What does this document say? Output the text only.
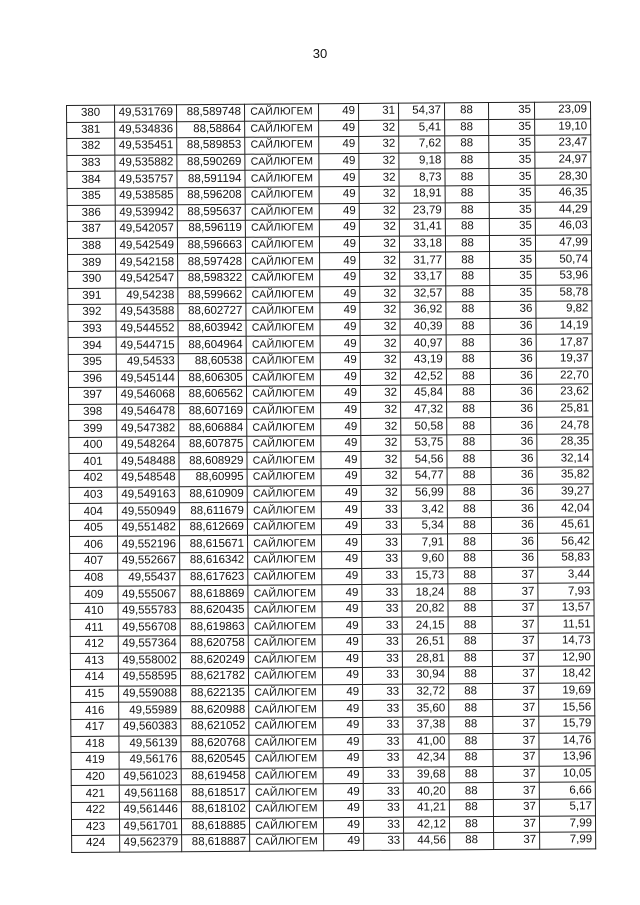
30
380	49,531769	88,589748	САЙЛЮГЕМ	49	31	54,37	88	35	23,09
381	49,534836	88,58864	САЙЛЮГЕМ	49	32	5,41	88	35	19,10
382	49,535451	88,589853	САЙЛЮГЕМ	49	32	7,62	88	35	23,47
383	49,535882	88,590269	САЙЛЮГЕМ	49	32	9,18	88	35	24,97
384	49,535757	88,591194	САЙЛЮГЕМ	49	32	8,73	88	35	28,30
385	49,538585	88,596208	САЙЛЮГЕМ	49	32	18,91	88	35	46,35
386	49,539942	88,595637	САЙЛЮГЕМ	49	32	23,79	88	35	44,29
387	49,542057	88,596119	САЙЛЮГЕМ	49	32	31,41	88	35	46,03
388	49,542549	88,596663	САЙЛЮГЕМ	49	32	33,18	88	35	47,99
389	49,542158	88,597428	САЙЛЮГЕМ	49	32	31,77	88	35	50,74
390	49,542547	88,598322	САЙЛЮГЕМ	49	32	33,17	88	35	53,96
391	49,54238	88,599662	САЙЛЮГЕМ	49	32	32,57	88	35	58,78
392	49,543588	88,602727	САЙЛЮГЕМ	49	32	36,92	88	36	9,82
393	49,544552	88,603942	САЙЛЮГЕМ	49	32	40,39	88	36	14,19
394	49,544715	88,604964	САЙЛЮГЕМ	49	32	40,97	88	36	17,87
395	49,54533	88,60538	САЙЛЮГЕМ	49	32	43,19	88	36	19,37
396	49,545144	88,606305	САЙЛЮГЕМ	49	32	42,52	88	36	22,70
397	49,546068	88,606562	САЙЛЮГЕМ	49	32	45,84	88	36	23,62
398	49,546478	88,607169	САЙЛЮГЕМ	49	32	47,32	88	36	25,81
399	49,547382	88,606884	САЙЛЮГЕМ	49	32	50,58	88	36	24,78
400	49,548264	88,607875	САЙЛЮГЕМ	49	32	53,75	88	36	28,35
401	49,548488	88,608929	САЙЛЮГЕМ	49	32	54,56	88	36	32,14
402	49,548548	88,60995	САЙЛЮГЕМ	49	32	54,77	88	36	35,82
403	49,549163	88,610909	САЙЛЮГЕМ	49	32	56,99	88	36	39,27
404	49,550949	88,611679	САЙЛЮГЕМ	49	33	3,42	88	36	42,04
405	49,551482	88,612669	САЙЛЮГЕМ	49	33	5,34	88	36	45,61
406	49,552196	88,615671	САЙЛЮГЕМ	49	33	7,91	88	36	56,42
407	49,552667	88,616342	САЙЛЮГЕМ	49	33	9,60	88	36	58,83
408	49,55437	88,617623	САЙЛЮГЕМ	49	33	15,73	88	37	3,44
409	49,555067	88,618869	САЙЛЮГЕМ	49	33	18,24	88	37	7,93
410	49,555783	88,620435	САЙЛЮГЕМ	49	33	20,82	88	37	13,57
411	49,556708	88,619863	САЙЛЮГЕМ	49	33	24,15	88	37	11,51
412	49,557364	88,620758	САЙЛЮГЕМ	49	33	26,51	88	37	14,73
413	49,558002	88,620249	САЙЛЮГЕМ	49	33	28,81	88	37	12,90
414	49,558595	88,621782	САЙЛЮГЕМ	49	33	30,94	88	37	18,42
415	49,559088	88,622135	САЙЛЮГЕМ	49	33	32,72	88	37	19,69
416	49,55989	88,620988	САЙЛЮГЕМ	49	33	35,60	88	37	15,56
417	49,560383	88,621052	САЙЛЮГЕМ	49	33	37,38	88	37	15,79
418	49,56139	88,620768	САЙЛЮГЕМ	49	33	41,00	88	37	14,76
419	49,56176	88,620545	САЙЛЮГЕМ	49	33	42,34	88	37	13,96
420	49,561023	88,619458	САЙЛЮГЕМ	49	33	39,68	88	37	10,05
421	49,561168	88,618517	САЙЛЮГЕМ	49	33	40,20	88	37	6,66
422	49,561446	88,618102	САЙЛЮГЕМ	49	33	41,21	88	37	5,17
423	49,561701	88,618885	САЙЛЮГЕМ	49	33	42,12	88	37	7,99
424	49,562379	88,618887	САЙЛЮГЕМ	49	33	44,56	88	37	7,99
